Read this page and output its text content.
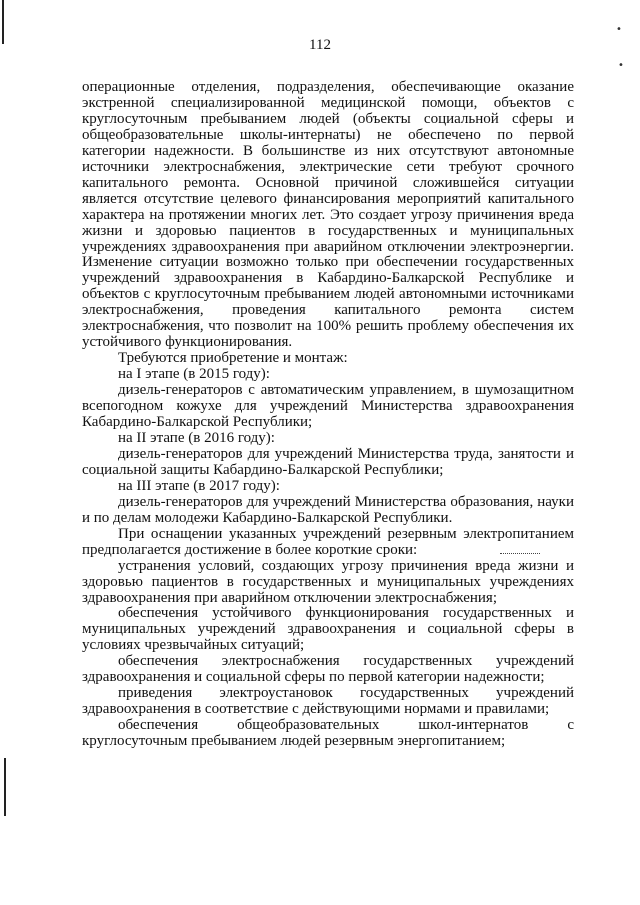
•
•
112

операционные отделения, подразделения, обеспечивающие оказание экстренной специализированной медицинской помощи, объектов с круглосуточным пребыванием людей (объекты социальной сферы и общеобразовательные школы-интернаты) не обеспечено по первой категории надежности. В большинстве из них отсутствуют автономные источники электроснабжения, электрические сети требуют срочного капитального ремонта. Основной причиной сложившейся ситуации является отсутствие целевого финансирования мероприятий капитального характера на протяжении многих лет. Это создает угрозу причинения вреда жизни и здоровью пациентов в государственных и муниципальных учреждениях здравоохранения при аварийном отключении электроэнергии. Изменение ситуации возможно только при обеспечении государственных учреждений здравоохранения в Кабардино-Балкарской Республике и объектов с круглосуточным пребыванием людей автономными источниками электроснабжения, проведения капитального ремонта систем электроснабжения, что позволит на 100% решить проблему обеспечения их устойчивого функционирования.

Требуются приобретение и монтаж:

на I этапе (в 2015 году):

дизель-генераторов с автоматическим управлением, в шумозащитном всепогодном кожухе для учреждений Министерства здравоохранения Кабардино-Балкарской Республики;

на II этапе (в 2016 году):

дизель-генераторов для учреждений Министерства труда, занятости и социальной защиты Кабардино-Балкарской Республики;

на III этапе (в 2017 году):

дизель-генераторов для учреждений Министерства образования, науки и по делам молодежи Кабардино-Балкарской Республики.

При оснащении указанных учреждений резервным электропитанием предполагается достижение в более короткие сроки:

устранения условий, создающих угрозу причинения вреда жизни и здоровью пациентов в государственных и муниципальных учреждениях здравоохранения при аварийном отключении электроснабжения;

обеспечения устойчивого функционирования государственных и муниципальных учреждений здравоохранения и социальной сферы в условиях чрезвычайных ситуаций;

обеспечения электроснабжения государственных учреждений здравоохранения и социальной сферы по первой категории надежности;

приведения электроустановок государственных учреждений здравоохранения в соответствие с действующими нормами и правилами;

обеспечения общеобразовательных школ-интернатов с круглосуточным пребыванием людей резервным энергопитанием;
